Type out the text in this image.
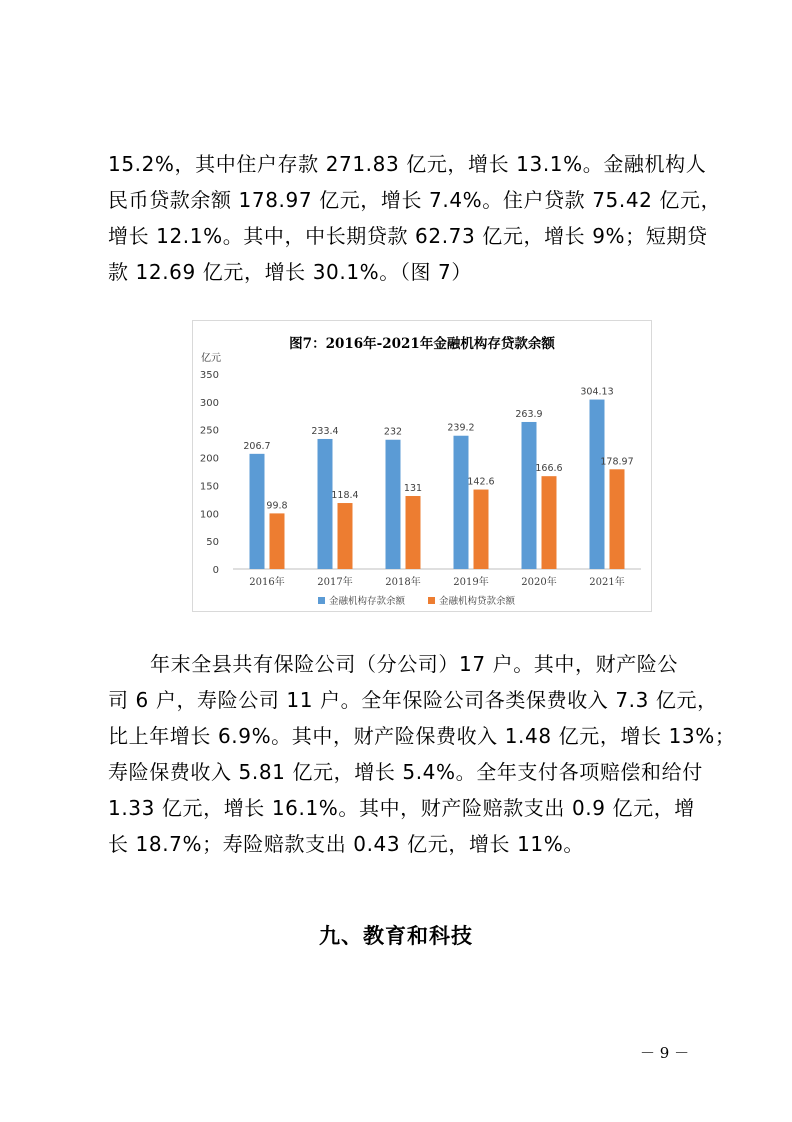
15.2%，其中住户存款 271.83 亿元，增长 13.1%。金融机构人
民币贷款余额 178.97 亿元，增长 7.4%。住户贷款 75.42 亿元，
增长 12.1%。其中，中长期贷款 62.73 亿元，增长 9%；短期贷
款 12.69 亿元，增长 30.1%。（图 7）
图7：2016年-2021年金融机构存贷款余额
亿元
0
50
100
150
200
250
300
350
206.7
99.8
2016年
233.4
118.4
2017年
232
131
2018年
239.2
142.6
2019年
263.9
166.6
2020年
304.13
178.97
2021年
金融机构存款余额	金融机构贷款余额
年末全县共有保险公司（分公司）17 户。其中，财产险公
司 6 户，寿险公司 11 户。全年保险公司各类保费收入 7.3 亿元，
比上年增长 6.9%。其中，财产险保费收入 1.48 亿元，增长 13%；
寿险保费收入 5.81 亿元，增长 5.4%。全年支付各项赔偿和给付
1.33 亿元，增长 16.1%。其中，财产险赔款支出 0.9 亿元，增
长 18.7%；寿险赔款支出 0.43 亿元，增长 11%。
九、教育和科技
－ 9 －
